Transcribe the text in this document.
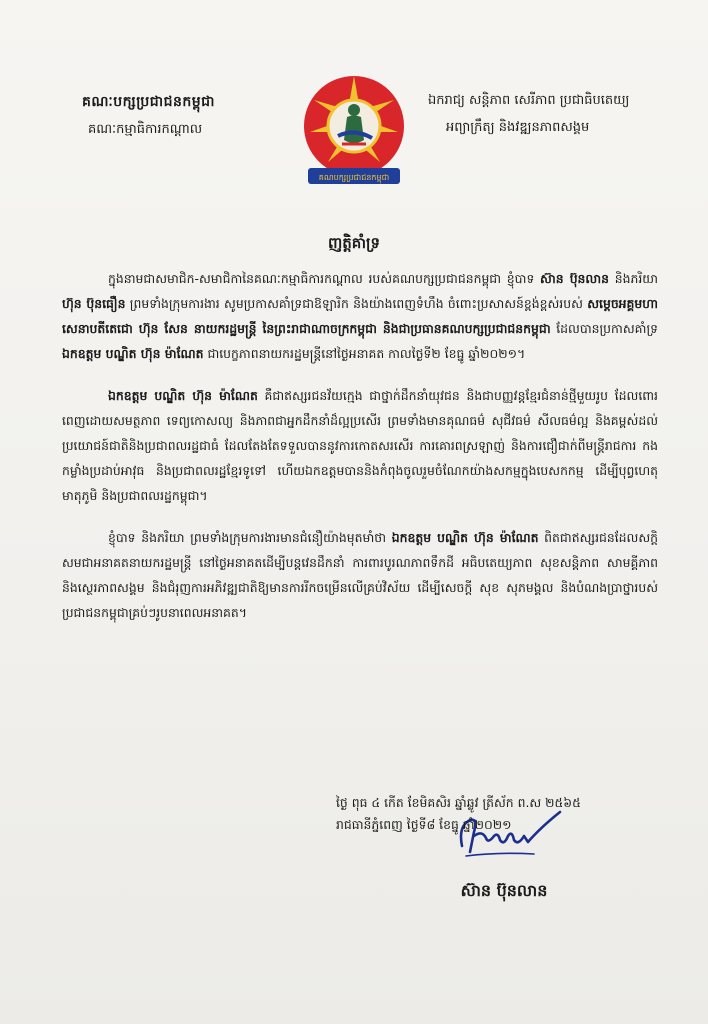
គណៈបក្សប្រជាជនកម្ពុជា
គណៈកម្មាធិការកណ្ដាល
គណបក្សប្រជាជនកម្ពុជា
ឯករាជ្យ សន្តិភាព សេរីភាព ប្រជាធិបតេយ្យ
អព្យាក្រឹត្យ និងវឌ្ឍនភាពសង្គម
ញត្តិគាំទ្រ

ក្នុងនាមជាសមាជិក-សមាជិកានៃគណៈកម្មាធិការកណ្ដាល របស់គណបក្សប្រជាជនកម្ពុជា ខ្ញុំបាទ ស៊ាន ប៊ុនលាន និងភរិយា ហ៊ុន ប៊ុនធឿន ព្រមទាំងក្រុមការងារ សូមប្រកាសគាំទ្រជាឱឡារិក និងយ៉ាងពេញទំហឹង ចំពោះប្រសាសន៍ខ្ពង់ខ្ពស់របស់ សម្តេចអគ្គមហាសេនាបតីតេជោ ហ៊ុន សែន នាយករដ្ឋមន្ត្រី នៃព្រះរាជាណាចក្រកម្ពុជា និងជាប្រធានគណបក្សប្រជាជនកម្ពុជា ដែលបានប្រកាសគាំទ្រ ឯកឧត្តម បណ្ឌិត ហ៊ុន ម៉ាណែត ជាបេក្ខភាពនាយករដ្ឋមន្ត្រីនៅថ្ងៃអនាគត កាលថ្ងៃទី២ ខែធ្នូ ឆ្នាំ២០២១។

ឯកឧត្តម បណ្ឌិត ហ៊ុន ម៉ាណែត គឺជាឥស្សរជនវ័យក្មេង ជាថ្នាក់ដឹកនាំយុវជន និងជាបញ្ញវន្តខ្មែរជំនាន់ថ្មីមួយរូប ដែលពោរពេញដោយសមត្ថភាព ទេព្យកោសល្យ និងភាពជាអ្នកដឹកនាំដ៏ល្អប្រសើរ ព្រមទាំងមានគុណធម៌ សុជីវធម៌ សីលធម៌ល្អ និងគម្ពស់ដល់ប្រយោជន៍ជាតិនិងប្រជាពលរដ្ឋជាធំ ដែលតែងតែទទួលបាននូវការកោតសរសើរ ការគោរពស្រឡាញ់ និងការជឿជាក់ពីមន្ត្រីរាជការ កងកម្លាំងប្រដាប់អាវុធ និងប្រជាពលរដ្ឋខ្មែរទូទៅ ហើយឯកឧត្តមបាននិងកំពុងចូលរួមចំណែកយ៉ាងសកម្មក្នុងបេសកកម្ម ដើម្បីបុព្វហេតុមាតុភូមិ និងប្រជាពលរដ្ឋកម្ពុជា។

ខ្ញុំបាទ និងភរិយា ព្រមទាំងក្រុមការងារមានជំនឿយ៉ាងមុតមាំថា ឯកឧត្តម បណ្ឌិត ហ៊ុន ម៉ាណែត ពិតជាឥស្សរជនដែលសក្តិសមជាអនាគតនាយករដ្ឋមន្ត្រី នៅថ្ងៃអនាគតដើម្បីបន្តវេនដឹកនាំ ការពារបូរណភាពទឹកដី អធិបតេយ្យភាព សុខសន្តិភាព សាមគ្គីភាព និងស្ថេរភាពសង្គម និងជំរុញការអភិវឌ្ឍជាតិឱ្យមានការរីកចម្រើនលើគ្រប់វិស័យ ដើម្បីសេចក្តី សុខ សុភមង្គល និងបំណងប្រាថ្នារបស់ប្រជាជនកម្ពុជាគ្រប់ៗរូបនាពេលអនាគត។

ថ្ងៃ ពុធ ៤ កើត ខែមិគសិរ ឆ្នាំឆ្លូវ ត្រីស័ក ព.ស ២៥៦៥
រាជធានីភ្នំពេញ ថ្ងៃទី៨ ខែធ្នូ ឆ្នាំ២០២១
ស៊ាន ប៊ុនលាន
